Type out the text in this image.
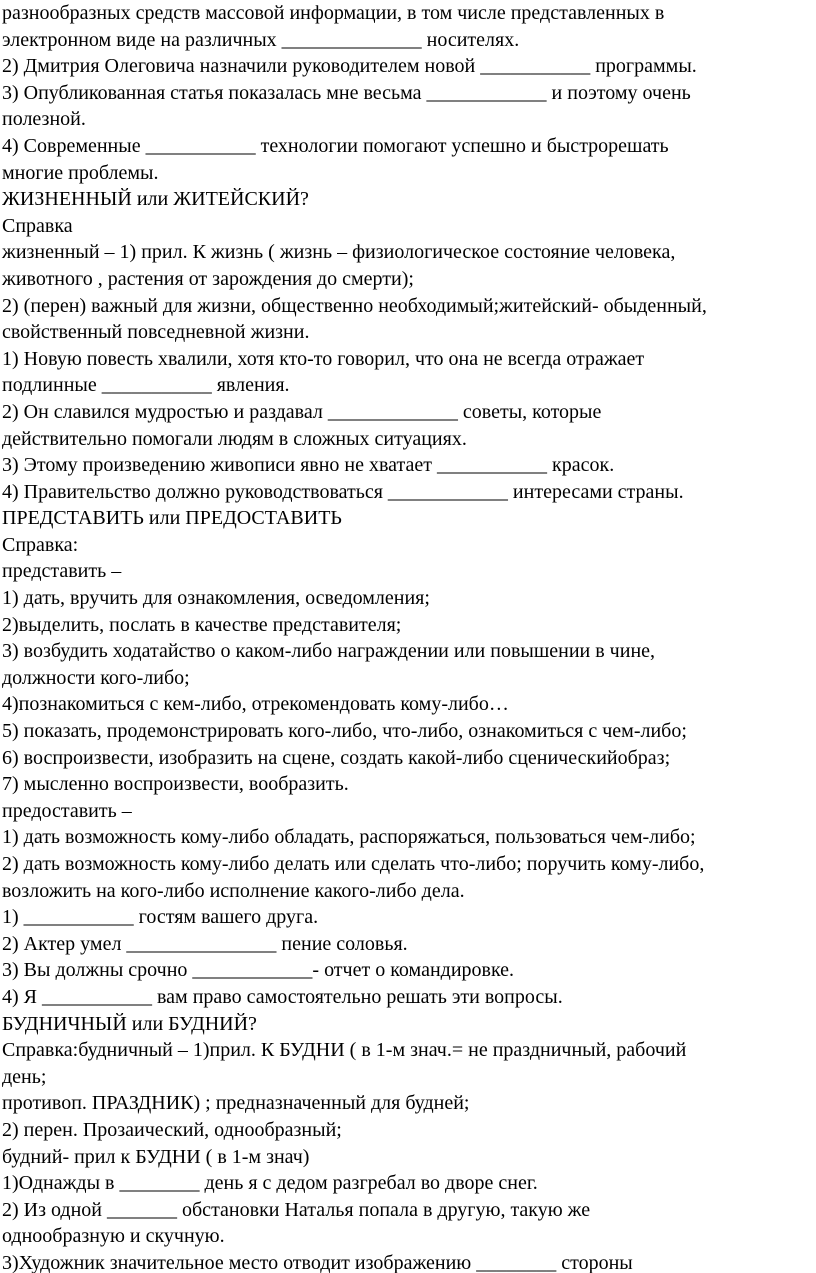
разнообразных средств массовой информации, в том числе представленных в

электронном виде на различных ______________ носителях.

2) Дмитрия Олеговича назначили руководителем новой ___________ программы.

3) Опубликованная статья показалась мне весьма ____________ и поэтому очень

полезной.

4) Современные ___________ технологии помогают успешно и быстрорешать

многие проблемы.

ЖИЗНЕННЫЙ или ЖИТЕЙСКИЙ?

Справка

жизненный – 1) прил. К жизнь ( жизнь – физиологическое состояние человека,

животного , растения от зарождения до смерти);

2) (перен) важный для жизни, общественно необходимый;житейский- обыденный,

свойственный повседневной жизни.

1) Новую повесть хвалили, хотя кто-то говорил, что она не всегда отражает

подлинные ___________ явления.

2) Он славился мудростью и раздавал _____________ советы, которые

действительно помогали людям в сложных ситуациях.

3) Этому произведению живописи явно не хватает ___________ красок.

4) Правительство должно руководствоваться ____________ интересами страны.

ПРЕДСТАВИТЬ или ПРЕДОСТАВИТЬ

Справка:

представить –

1) дать, вручить для ознакомления, осведомления;

2)выделить, послать в качестве представителя;

3) возбудить ходатайство о каком-либо награждении или повышении в чине,

должности кого-либо;

4)познакомиться с кем-либо, отрекомендовать кому-либо…

5) показать, продемонстрировать кого-либо, что-либо, ознакомиться с чем-либо;

6) воспроизвести, изобразить на сцене, создать какой-либо сценическийобраз;

7) мысленно воспроизвести, вообразить.

предоставить –

1) дать возможность кому-либо обладать, распоряжаться, пользоваться чем-либо;

2) дать возможность кому-либо делать или сделать что-либо; поручить кому-либо,

возложить на кого-либо исполнение какого-либо дела.

1) ___________ гостям вашего друга.

2) Актер умел _______________ пение соловья.

3) Вы должны срочно ____________- отчет о командировке.

4) Я ___________ вам право самостоятельно решать эти вопросы.

БУДНИЧНЫЙ или БУДНИЙ?

Справка:будничный – 1)прил. К БУДНИ ( в 1-м знач.= не праздничный, рабочий

день;

противоп. ПРАЗДНИК) ; предназначенный для будней;

2) перен. Прозаический, однообразный;

будний- прил к БУДНИ ( в 1-м знач)

1)Однажды в ________ день я с дедом разгребал во дворе снег.

2) Из одной _______ обстановки Наталья попала в другую, такую же

однообразную и скучную.

3)Художник значительное место отводит изображению ________ стороны
